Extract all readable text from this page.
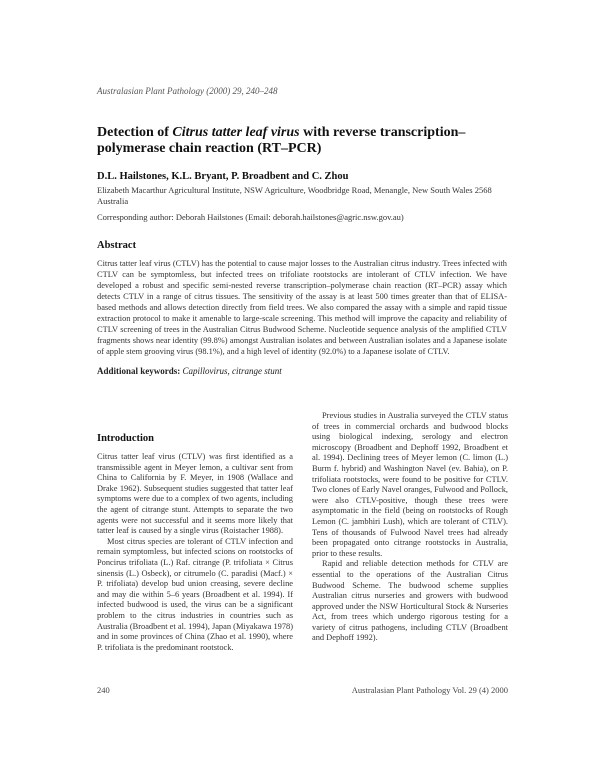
Australasian Plant Pathology (2000) 29, 240–248
Detection of Citrus tatter leaf virus with reverse transcription–polymerase chain reaction (RT–PCR)
D.L. Hailstones, K.L. Bryant, P. Broadbent and C. Zhou
Elizabeth Macarthur Agricultural Institute, NSW Agriculture, Woodbridge Road, Menangle, New South Wales 2568 Australia
Corresponding author: Deborah Hailstones (Email: deborah.hailstones@agric.nsw.gov.au)
Abstract

Citrus tatter leaf virus (CTLV) has the potential to cause major losses to the Australian citrus industry. Trees infected with CTLV can be symptomless, but infected trees on trifoliate rootstocks are intolerant of CTLV infection. We have developed a robust and specific semi-nested reverse transcription–polymerase chain reaction (RT–PCR) assay which detects CTLV in a range of citrus tissues. The sensitivity of the assay is at least 500 times greater than that of ELISA-based methods and allows detection directly from field trees. We also compared the assay with a simple and rapid tissue extraction protocol to make it amenable to large-scale screening. This method will improve the capacity and reliability of CTLV screening of trees in the Australian Citrus Budwood Scheme. Nucleotide sequence analysis of the amplified CTLV fragments shows near identity (99.8%) amongst Australian isolates and between Australian isolates and a Japanese isolate of apple stem grooving virus (98.1%), and a high level of identity (92.0%) to a Japanese isolate of CTLV.

Additional keywords: Capillovirus, citrange stunt
Introduction

Citrus tatter leaf virus (CTLV) was first identified as a transmissible agent in Meyer lemon, a cultivar sent from China to California by F. Meyer, in 1908 (Wallace and Drake 1962). Subsequent studies suggested that tatter leaf symptoms were due to a complex of two agents, including the agent of citrange stunt. Attempts to separate the two agents were not successful and it seems more likely that tatter leaf is caused by a single virus (Roistacher 1988).

Most citrus species are tolerant of CTLV infection and remain symptomless, but infected scions on rootstocks of Poncirus trifoliata (L.) Raf. citrange (P. trifoliata × Citrus sinensis (L.) Osbeck), or citrumelo (C. paradisi (Macf.) × P. trifoliata) develop bud union creasing, severe decline and may die within 5–6 years (Broadbent et al. 1994). If infected budwood is used, the virus can be a significant problem to the citrus industries in countries such as Australia (Broadbent et al. 1994), Japan (Miyakawa 1978) and in some provinces of China (Zhao et al. 1990), where P. trifoliata is the predominant rootstock.

Previous studies in Australia surveyed the CTLV status of trees in commercial orchards and budwood blocks using biological indexing, serology and electron microscopy (Broadbent and Dephoff 1992, Broadbent et al. 1994). Declining trees of Meyer lemon (C. limon (L.) Burm f. hybrid) and Washington Navel (ev. Bahia), on P. trifoliata rootstocks, were found to be positive for CTLV. Two clones of Early Navel oranges, Fulwood and Pollock, were also CTLV-positive, though these trees were asymptomatic in the field (being on rootstocks of Rough Lemon (C. jambhiri Lush), which are tolerant of CTLV). Tens of thousands of Fulwood Navel trees had already been propagated onto citrange rootstocks in Australia, prior to these results.

Rapid and reliable detection methods for CTLV are essential to the operations of the Australian Citrus Budwood Scheme. The budwood scheme supplies Australian citrus nurseries and growers with budwood approved under the NSW Horticultural Stock & Nurseries Act, from trees which undergo rigorous testing for a variety of citrus pathogens, including CTLV (Broadbent and Dephoff 1992).

240	Australasian Plant Pathology Vol. 29 (4) 2000
